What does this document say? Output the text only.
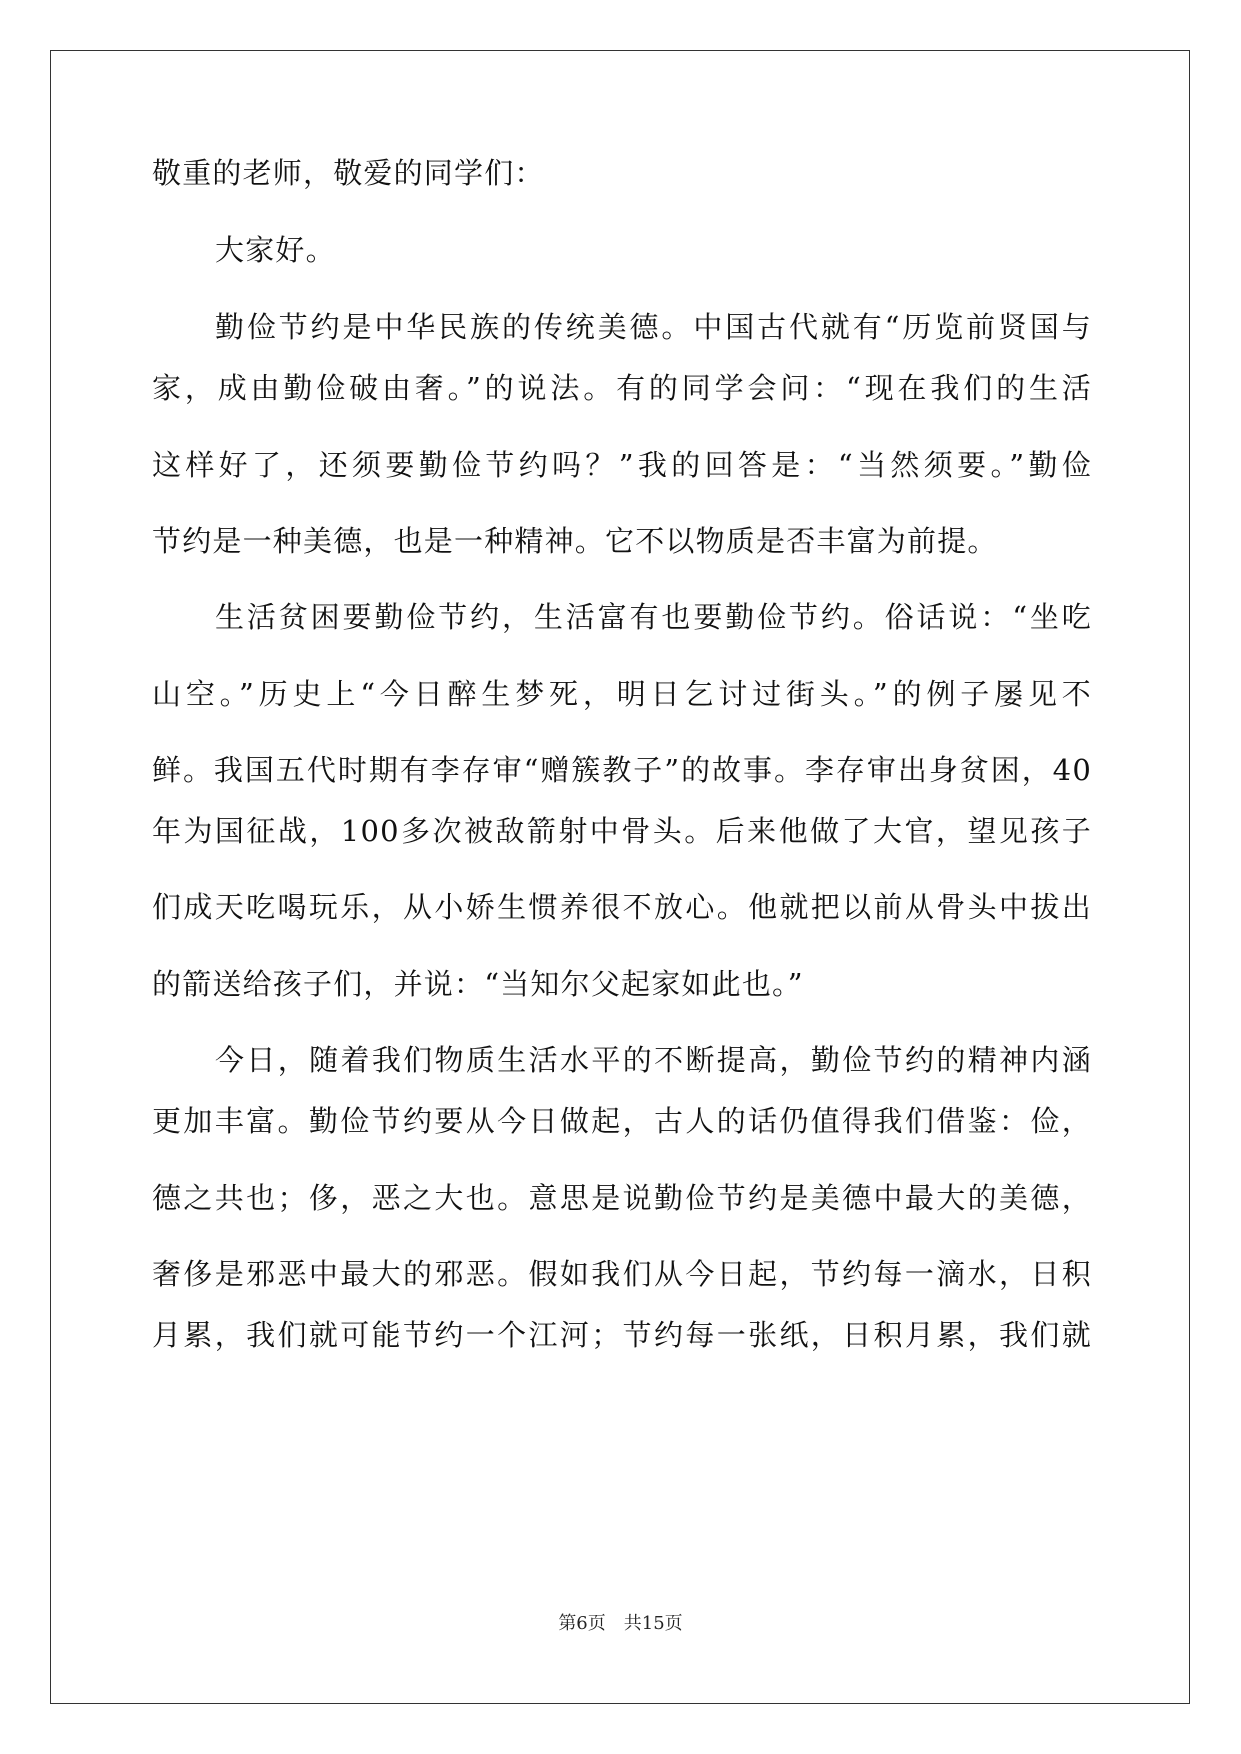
敬重的老师，敬爱的同学们：
大家好。
勤俭节约是中华民族的传统美德。中国古代就有“历览前贤国与
家，成由勤俭破由奢。”的说法。有的同学会问：“现在我们的生活
这样好了，还须要勤俭节约吗？”我的回答是：“当然须要。”勤俭
节约是一种美德，也是一种精神。它不以物质是否丰富为前提。
生活贫困要勤俭节约，生活富有也要勤俭节约。俗话说：“坐吃
山空。”历史上“今日醉生梦死，明日乞讨过街头。”的例子屡见不
鲜。我国五代时期有李存审“赠簇教子”的故事。李存审出身贫困，40
年为国征战，100多次被敌箭射中骨头。后来他做了大官，望见孩子
们成天吃喝玩乐，从小娇生惯养很不放心。他就把以前从骨头中拔出
的箭送给孩子们，并说：“当知尔父起家如此也。”
今日，随着我们物质生活水平的不断提高，勤俭节约的精神内涵
更加丰富。勤俭节约要从今日做起，古人的话仍值得我们借鉴：俭，
德之共也；侈，恶之大也。意思是说勤俭节约是美德中最大的美德，
奢侈是邪恶中最大的邪恶。假如我们从今日起，节约每一滴水，日积
月累，我们就可能节约一个江河；节约每一张纸，日积月累，我们就
第6页 共15页
